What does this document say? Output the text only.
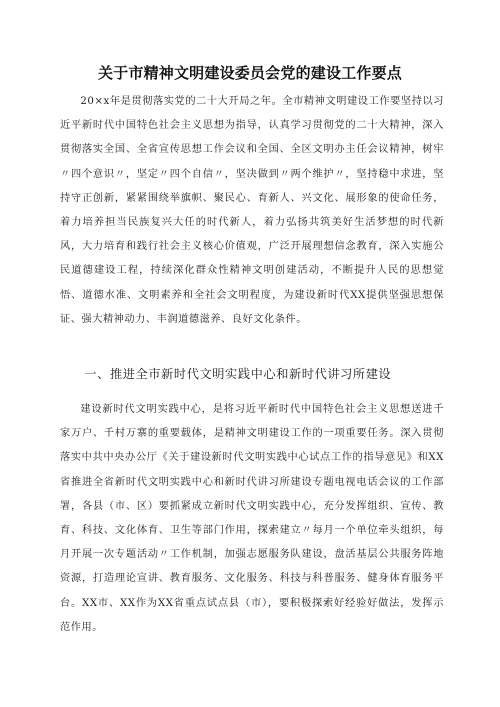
关于市精神文明建设委员会党的建设工作要点

20×x年是贯彻落实党的二十大开局之年。全市精神文明建设工作要坚持以习近平新时代中国特色社会主义思想为指导，认真学习贯彻党的二十大精神，深入贯彻落实全国、全省宣传思想工作会议和全国、全区文明办主任会议精神，树牢〃四个意识〃，坚定〃四个自信〃，坚决做到〃两个维护〃，坚持稳中求进，坚持守正创新，紧紧围绕举旗帜、聚民心、育新人、兴文化、展形象的使命任务，着力培养担当民族复兴大任的时代新人，着力弘扬共筑美好生活梦想的时代新风，大力培育和践行社会主义核心价值观，广泛开展理想信念教育，深入实施公民道德建设工程，持续深化群众性精神文明创建活动，不断提升人民的思想觉悟、道德水准、文明素养和全社会文明程度，为建设新时代XX提供坚强思想保证、强大精神动力、丰润道德滋养、良好文化条件。

一、推进全市新时代文明实践中心和新时代讲习所建设

建设新时代文明实践中心，是将习近平新时代中国特色社会主义思想送进千家万户、千村万寨的重要载体，是精神文明建设工作的一项重要任务。深入贯彻落实中共中央办公厅《关于建设新时代文明实践中心试点工作的指导意见》和XX省推进全省新时代文明实践中心和新时代讲习所建设专题电视电话会议的工作部署，各县（市、区）要抓紧成立新时代文明实践中心，充分发挥组织、宣传、教育、科技、文化体育、卫生等部门作用，探索建立〃每月一个单位牵头组织，每月开展一次专题活动〃工作机制，加强志愿服务队建设，盘活基层公共服务阵地资源，打造理论宣讲、教育服务、文化服务、科技与科普服务、健身体育服务平台。XX市、XX作为XX省重点试点县（市），要积极探索好经验好做法，发挥示范作用。
